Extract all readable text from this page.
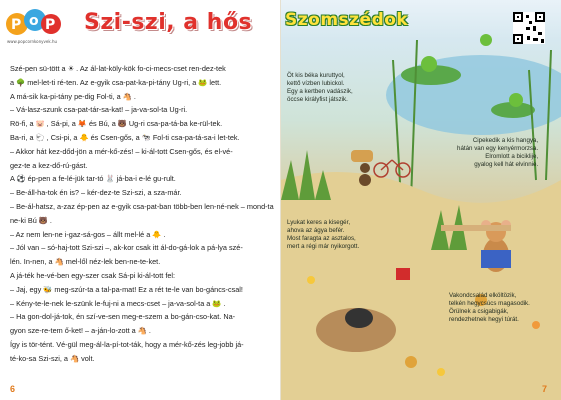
P o P
www.popcornkonyvek.hu
Szi-szi, a hős

Szé-pen sü-tött a ☀ . Az ál-lat-köly-kök fo-ci-mecs-cset ren-dez-tek

a 🌳 mel-let-ti ré-ten. Az e-gyik csa-pat-ka-pi-tány Ug-ri, a 🐸 lett.

A má-sik ka-pi-tány pe-dig Fol-ti, a 🐴 .

– Vá-lasz-szunk csa-pat-tár-sa-kat! – ja-va-sol-ta Ug-ri.

Rö-fi, a 🐷 , Sá-pi, a 🦊 és Bú, a 🐻 Ug-ri csa-pa-tá-ba ke-rül-tek.

Ba-ri, a 🐑 , Csi-pi, a 🐥 és Csen-gős, a 🐄 Fol-ti csa-pa-tá-sa-i let-tek.

– Akkor hát kez-dőd-jön a mér-kő-zés! – ki-ál-tott Csen-gős, és el-vé-

gez-te a kez-dő-rú-gást.

A ⚽ ép-pen a fe-lé-jük tar-tó 🐰 já-ba-i e-lé gu-rult.

– Be-áll-ha-tok én is? – kér-dez-te Szi-szi, a sza-már.

– Be-ál-hatsz, a-zaz ép-pen az e-gyik csa-pat-ban több-ben len-né-nek – mond-ta

ne-ki Bú 🐻 .

– Az nem len-ne i-gaz-sá-gos – állt mel-lé a 🐥 .

– Jól van – só-haj-tott Szi-szi –, ak-kor csak itt ál-do-gá-lok a pá-lya szé-

lén. In-nen, a 🐴 mel-lől néz-lek ben-ne-te-ket.

A já-ték he-vé-ben egy-szer csak Sá-pi ki-ál-tott fel:

– Jaj, egy 🐝 meg-szúr-ta a tal-pa-mat! Ez a rét te-le van bo-gáncs-csal!

– Kény-te-le-nek le-szünk le-fuj-ni a mecs-cset – ja-va-sol-ta a 🐸 .

– Ha gon-dol-já-tok, én szí-ve-sen meg-e-szem a bo-gán-cso-kat. Na-

gyon sze-re-tem ő-ket! – a-ján-lo-zott a 🐴 .

Így is tör-tént. Vé-gül meg-ál-la-pí-tot-ták, hogy a mér-kő-zés leg-jobb já-

té-ko-sa Szi-szi, a 🐴 volt.

6
Szomszédok
Öt kis béka kuruttyol,
kettő vízben lubickol.
Egy a kertben vadászik,
öccse királyfist játszik.
Cipekedik a kis hangya,
hátán van egy kenyérmorzsa.
Elromlott a biciklije,
gyalog kell hát elvinnie.
Lyukat keres a kisegér,
ahova az ágya befér.
Most faragta az asztalos,
mert a régi már nyikorgott.
Vakondcsalád elköltözik,
telkén hegycsúcs magasodik.
Örülnek a csigabigák,
rendezhetnek hegyi túrát.
7
